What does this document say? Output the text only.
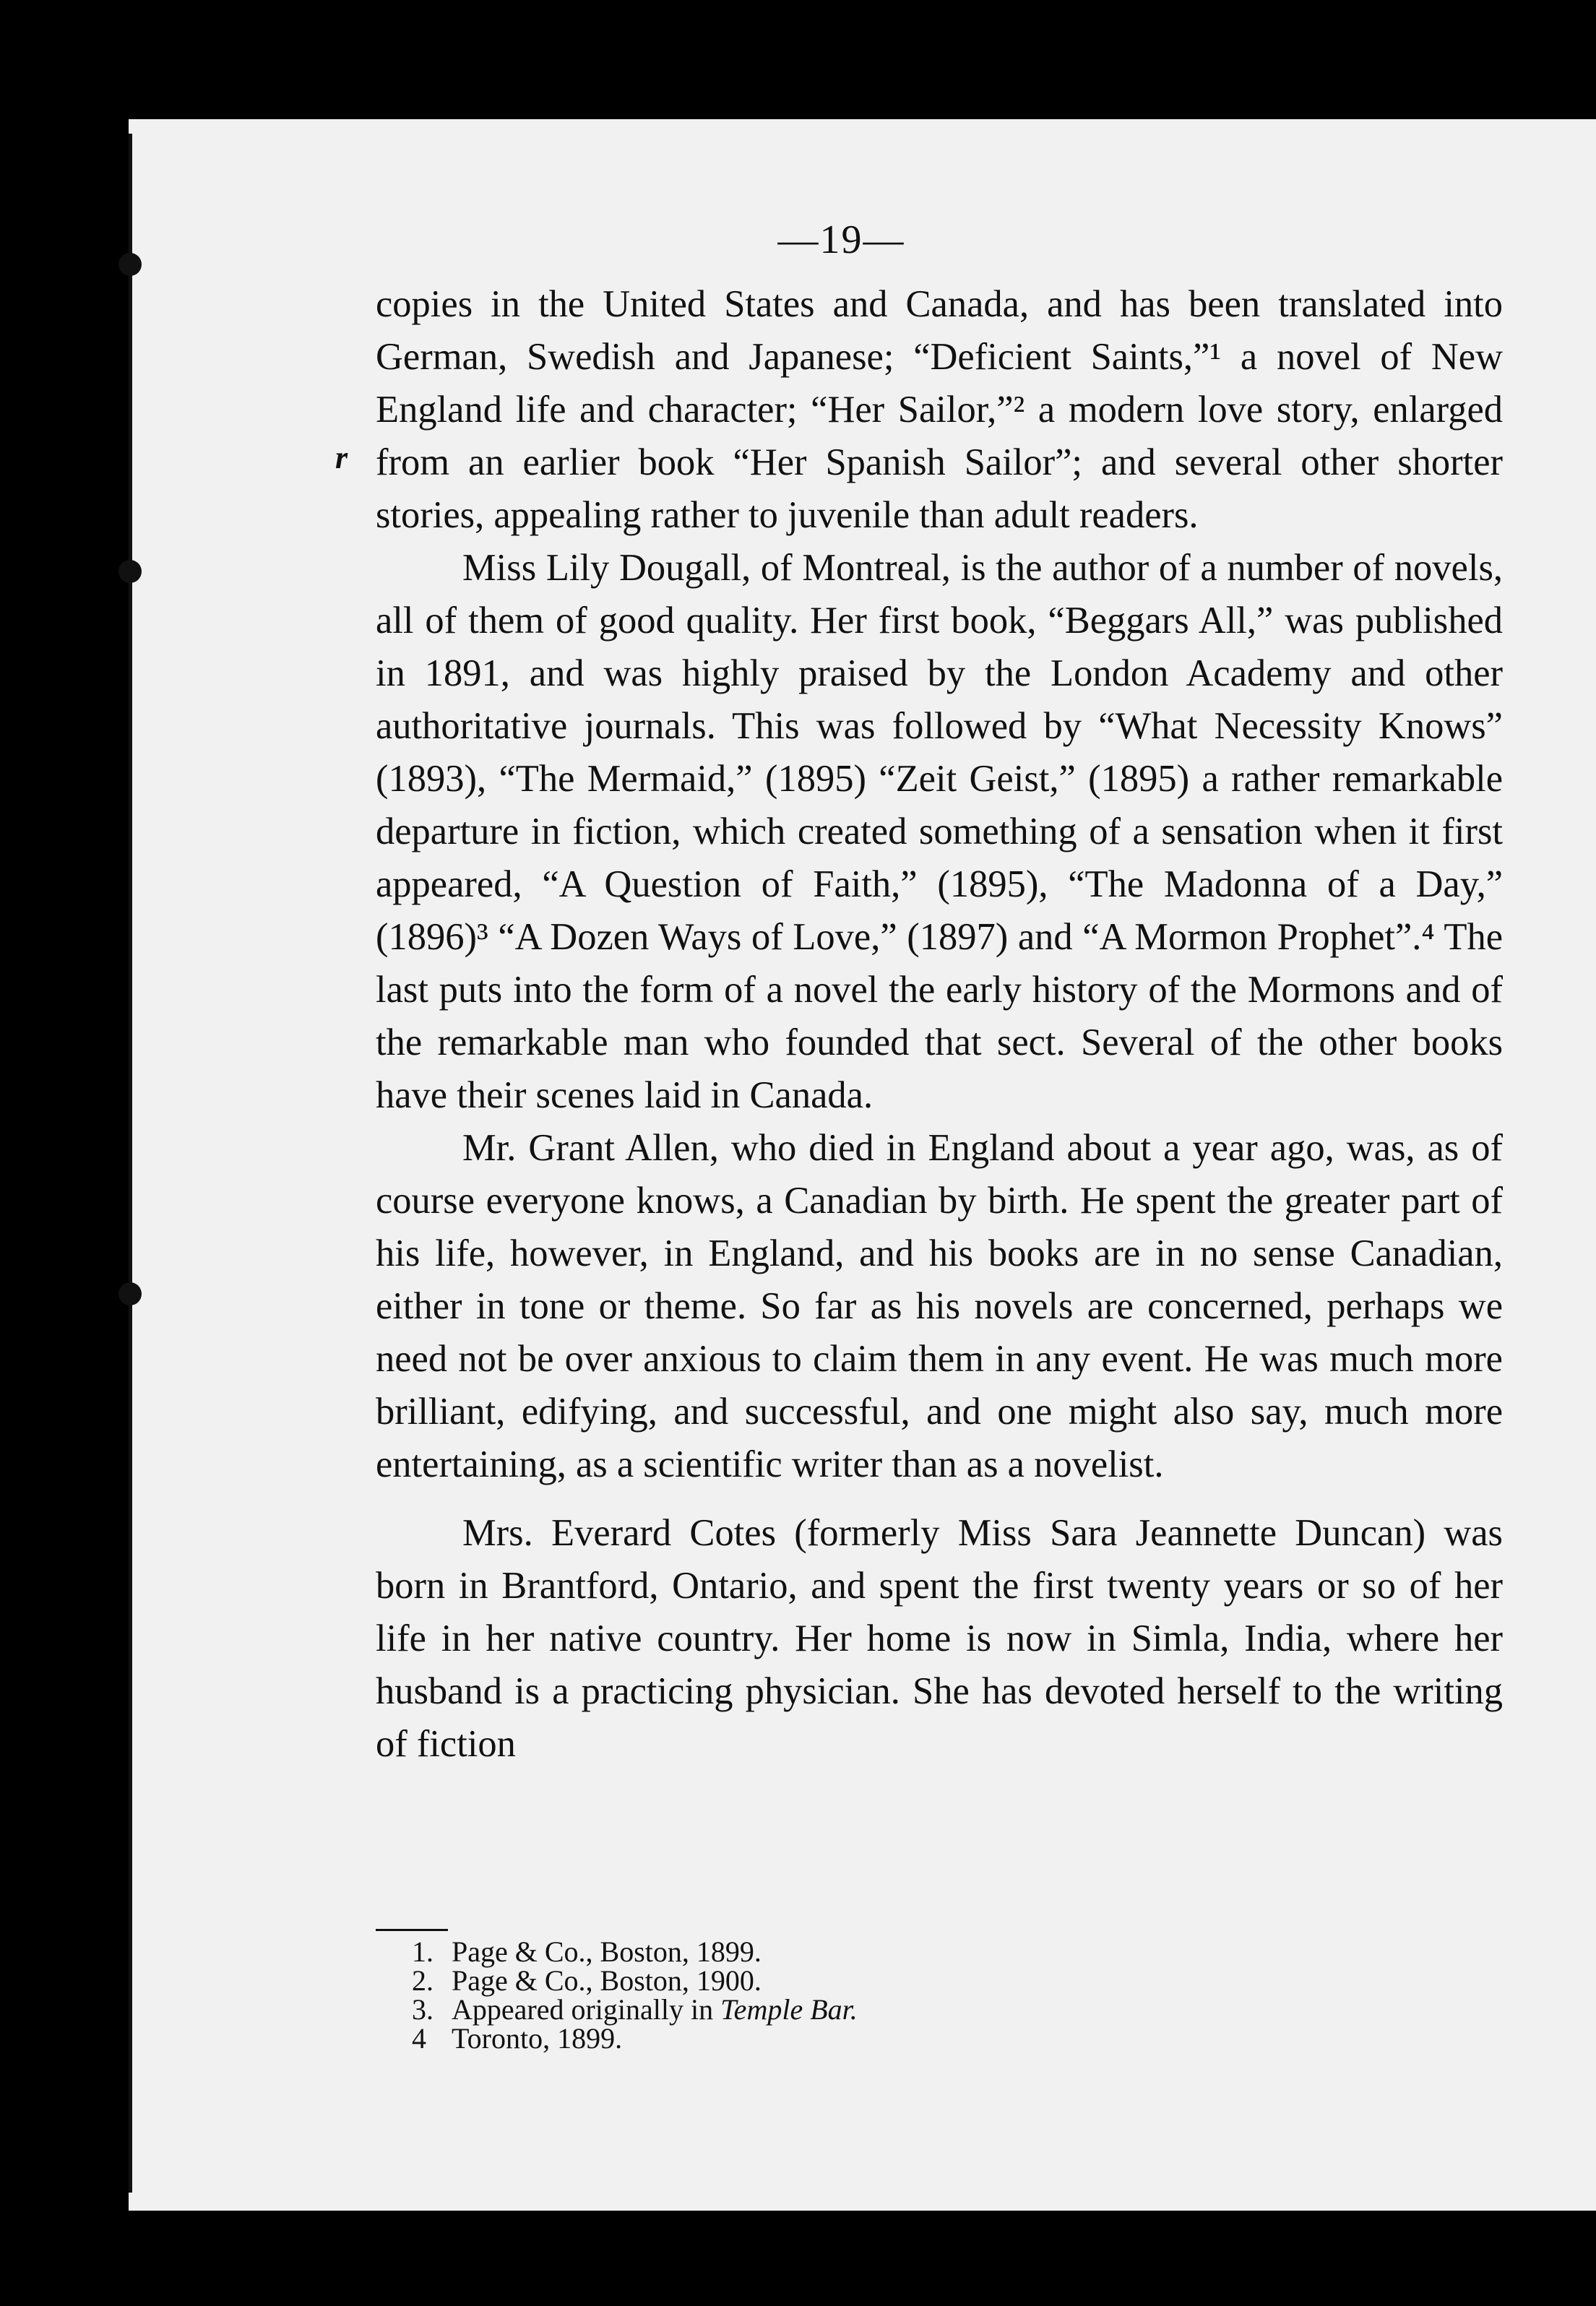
r
—19—

copies in the United States and Canada, and has been translated into German, Swedish and Japanese; “Deficient Saints,”¹ a novel of New England life and character; “Her Sailor,”² a modern love story, enlarged from an earlier book “Her Spanish Sailor”; and several other shorter stories, appealing rather to juvenile than adult readers.

Miss Lily Dougall, of Montreal, is the author of a number of novels, all of them of good quality. Her first book, “Beggars All,” was published in 1891, and was highly praised by the London Academy and other authoritative journals. This was followed by “What Necessity Knows” (1893), “The Mermaid,” (1895) “Zeit Geist,” (1895) a rather remarkable departure in fiction, which created something of a sensation when it first appeared, “A Question of Faith,” (1895), “The Madonna of a Day,” (1896)³ “A Dozen Ways of Love,” (1897) and “A Mormon Prophet”.⁴ The last puts into the form of a novel the early history of the Mormons and of the remarkable man who founded that sect. Several of the other books have their scenes laid in Canada.

Mr. Grant Allen, who died in England about a year ago, was, as of course everyone knows, a Canadian by birth. He spent the greater part of his life, however, in England, and his books are in no sense Canadian, either in tone or theme. So far as his novels are concerned, perhaps we need not be over anxious to claim them in any event. He was much more brilliant, edifying, and successful, and one might also say, much more entertaining, as a scientific writer than as a novelist.

Mrs. Everard Cotes (formerly Miss Sara Jeannette Duncan) was born in Brantford, Ontario, and spent the first twenty years or so of her life in her native country. Her home is now in Simla, India, where her husband is a practicing physician. She has devoted herself to the writing of fiction

1. Page & Co., Boston, 1899.
2. Page & Co., Boston, 1900.
3. Appeared originally in Temple Bar.
4 Toronto, 1899.
